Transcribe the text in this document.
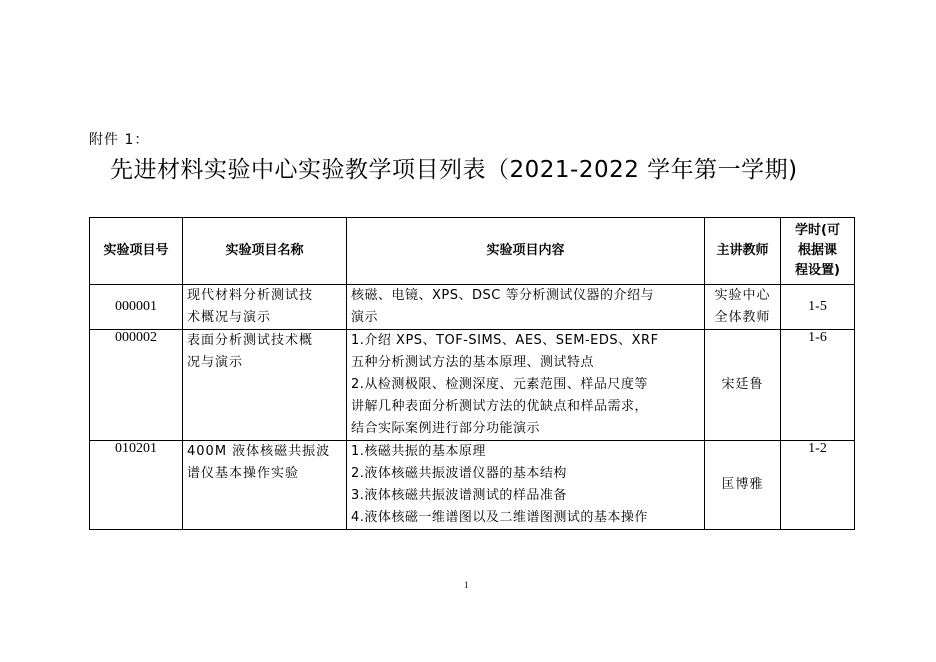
附件 1：
先进材料实验中心实验教学项目列表（2021-2022 学年第一学期)
实验项目号	实验项目名称	实验项目内容	主讲教师	学时(可
根据课
程设置)

000001	现代材料分析测试技
术概况与演示	核磁、电镜、XPS、DSC 等分析测试仪器的介绍与
演示	实验中心
全体教师	1-5
000002	表面分析测试技术概
况与演示	1.介绍 XPS、TOF-SIMS、AES、SEM-EDS、XRF
五种分析测试方法的基本原理、测试特点
2.从检测极限、检测深度、元素范围、样品尺度等
讲解几种表面分析测试方法的优缺点和样品需求，
结合实际案例进行部分功能演示	宋廷鲁	1-6
010201	400M 液体核磁共振波
谱仪基本操作实验	1.核磁共振的基本原理
2.液体核磁共振波谱仪器的基本结构
3.液体核磁共振波谱测试的样品准备
4.液体核磁一维谱图以及二维谱图测试的基本操作	匡博雅	1-2
1
